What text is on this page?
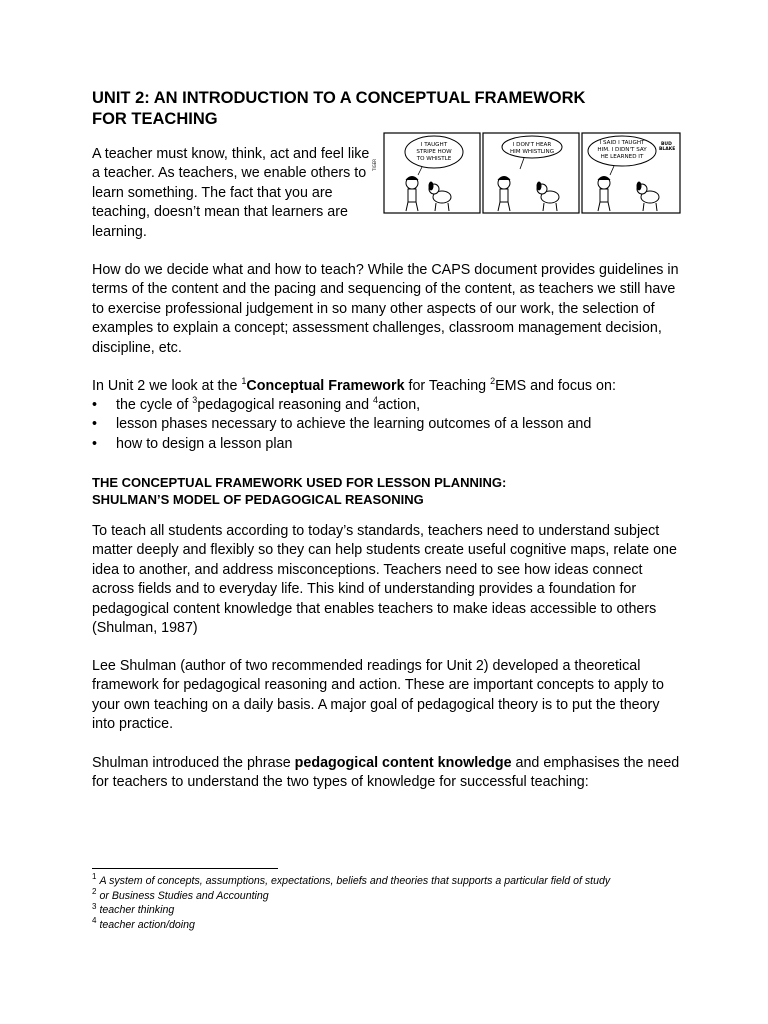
UNIT 2: AN INTRODUCTION TO A CONCEPTUAL FRAMEWORK
FOR TEACHING

A teacher must know, think, act and feel like a teacher. As teachers, we enable others to learn something. The fact that you are teaching, doesn’t mean that learners are learning.

TIGER
I TAUGHT
STRIPE HOW
TO WHISTLE
I DON'T HEAR
HIM WHISTLING
I SAID I TAUGHT
HIM. I DIDN'T SAY
HE LEARNED IT
BUD
BLAKE

How do we decide what and how to teach? While the CAPS document provides guidelines in terms of the content and the pacing and sequencing of the content, as teachers we still have to exercise professional judgement in so many other aspects of our work, the selection of examples to explain a concept; assessment challenges, classroom management decision, discipline, etc.

In Unit 2 we look at the $^1$Conceptual Framework for Teaching $^2$EMS and focus on:

• the cycle of $^3$pedagogical reasoning and $^4$action,
• lesson phases necessary to achieve the learning outcomes of a lesson and
• how to design a lesson plan
THE CONCEPTUAL FRAMEWORK USED FOR LESSON PLANNING:
SHULMAN’S MODEL OF PEDAGOGICAL REASONING

To teach all students according to today’s standards, teachers need to understand subject matter deeply and flexibly so they can help students create useful cognitive maps, relate one idea to another, and address misconceptions. Teachers need to see how ideas connect across fields and to everyday life. This kind of understanding provides a foundation for pedagogical content knowledge that enables teachers to make ideas accessible to others (Shulman, 1987)

Lee Shulman (author of two recommended readings for Unit 2) developed a theoretical framework for pedagogical reasoning and action. These are important concepts to apply to your own teaching on a daily basis. A major goal of pedagogical theory is to put the theory into practice.

Shulman introduced the phrase pedagogical content knowledge and emphasises the need for teachers to understand the two types of knowledge for successful teaching:

$^1$ A system of concepts, assumptions, expectations, beliefs and theories that supports a particular field of study
$^2$ or Business Studies and Accounting
$^3$ teacher thinking
$^4$ teacher action/doing
